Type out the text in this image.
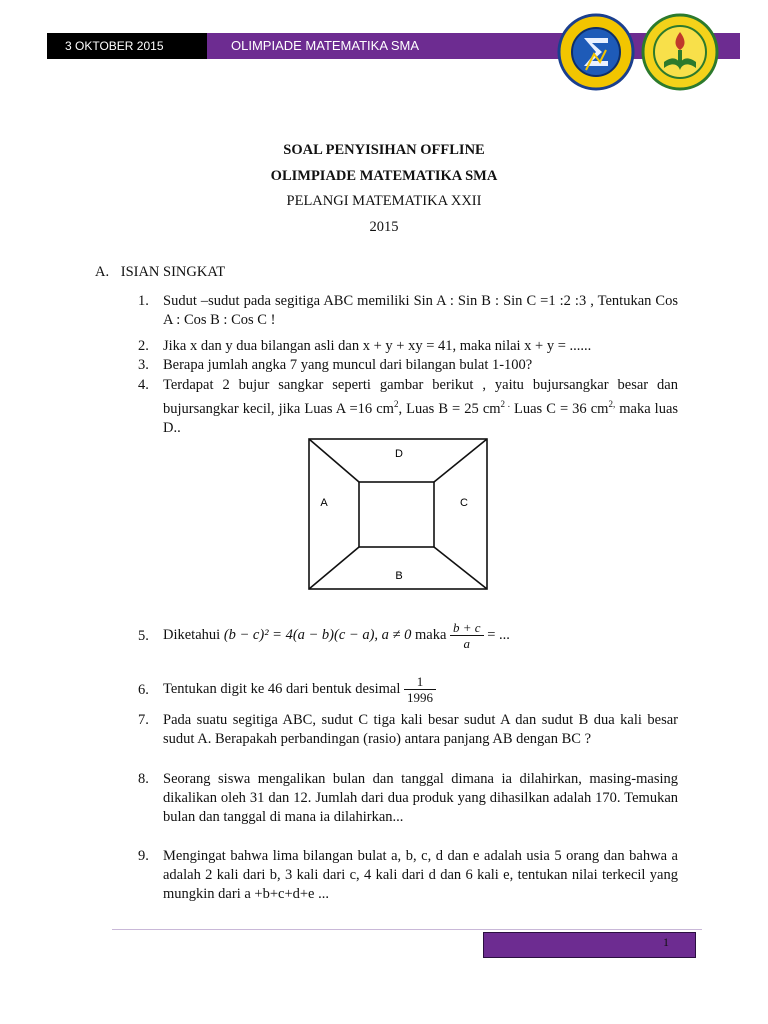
3 OKTOBER 2015	OLIMPIADE MATEMATIKA SMA
SOAL PENYISIHAN OFFLINE
OLIMPIADE MATEMATIKA SMA
PELANGI MATEMATIKA XXII
2015
A. ISIAN SINGKAT
1. Sudut –sudut pada segitiga ABC memiliki Sin A : Sin B : Sin C =1 :2 :3 , Tentukan Cos A : Cos B : Cos C !
2. Jika x dan y dua bilangan asli dan x + y + xy = 41, maka nilai x + y = ......
3. Berapa jumlah angka 7 yang muncul dari bilangan bulat 1-100?
4. Terdapat 2 bujur sangkar seperti gambar berikut , yaitu bujursangkar besar dan bujursangkar kecil, jika Luas A =16 $cm^2$, Luas B = 25 $cm^{2 .}$ Luas C = 36 $cm^{2,}$ maka luas D..
D
A	C
B
5. Diketahui (b − c)² = 4(a − b)(c − a), a ≠ 0 maka $\frac{b + c}{a}$ = ...
6. Tentukan digit ke 46 dari bentuk desimal $\frac{1}{1996}$
7. Pada suatu segitiga ABC, sudut C tiga kali besar sudut A dan sudut B dua kali besar sudut A. Berapakah perbandingan (rasio) antara panjang AB dengan BC ?
8. Seorang siswa mengalikan bulan dan tanggal dimana ia dilahirkan, masing-masing dikalikan oleh 31 dan 12. Jumlah dari dua produk yang dihasilkan adalah 170. Temukan bulan dan tanggal di mana ia dilahirkan...
9. Mengingat bahwa lima bilangan bulat a, b, c, d dan e adalah usia 5 orang dan bahwa a adalah 2 kali dari b, 3 kali dari c, 4 kali dari d dan 6 kali e, tentukan nilai terkecil yang mungkin dari a +b+c+d+e ...
1
